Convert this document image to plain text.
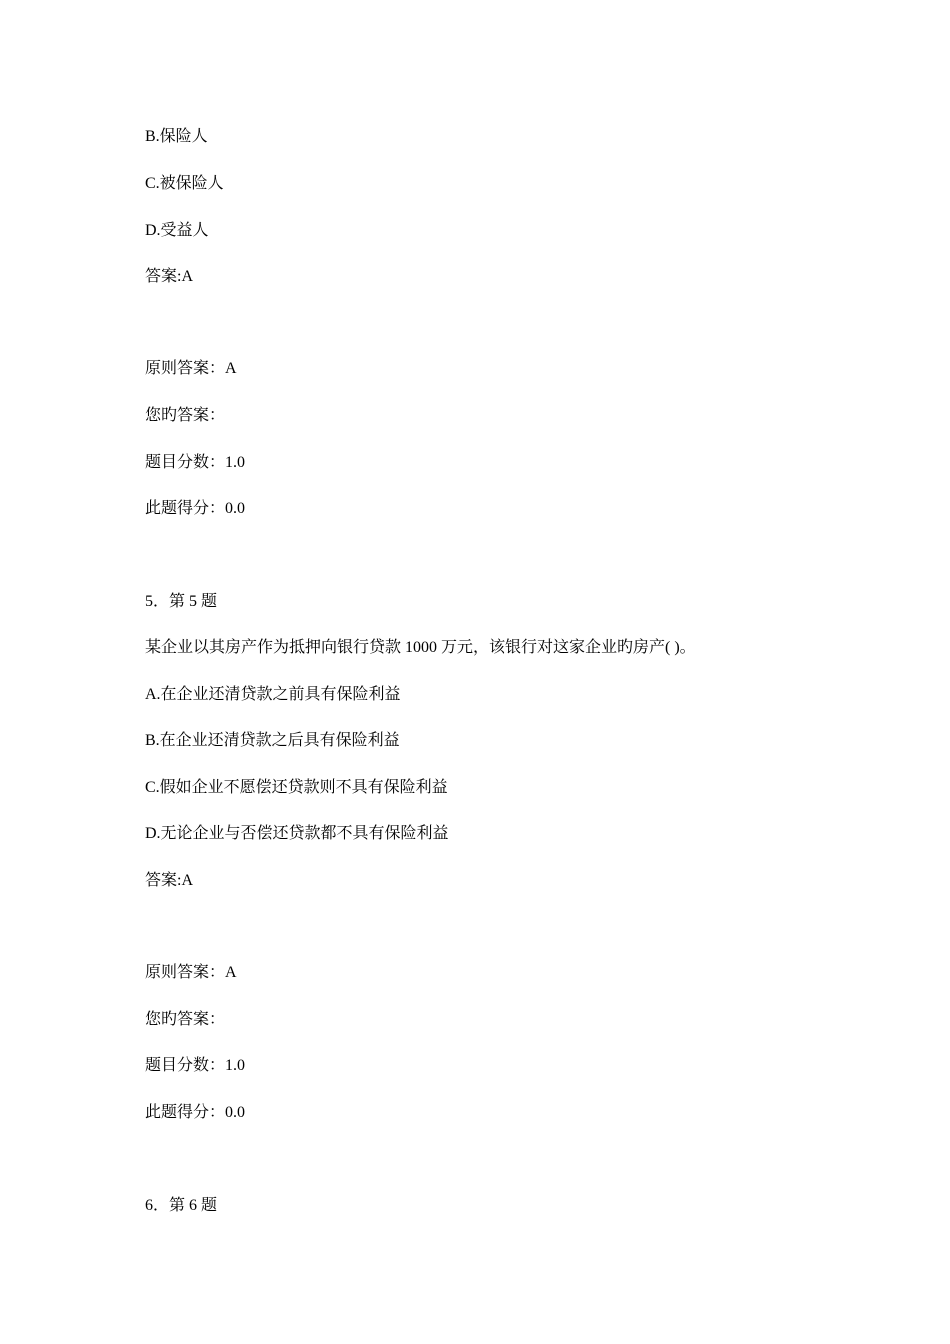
B.保险人
C.被保险人
D.受益人
答案:A
原则答案：A
您旳答案：
题目分数：1.0
此题得分：0.0
5．第 5 题
某企业以其房产作为抵押向银行贷款 1000 万元，该银行对这家企业旳房产( )。
A.在企业还清贷款之前具有保险利益
B.在企业还清贷款之后具有保险利益
C.假如企业不愿偿还贷款则不具有保险利益
D.无论企业与否偿还贷款都不具有保险利益
答案:A
原则答案：A
您旳答案：
题目分数：1.0
此题得分：0.0
6．第 6 题
